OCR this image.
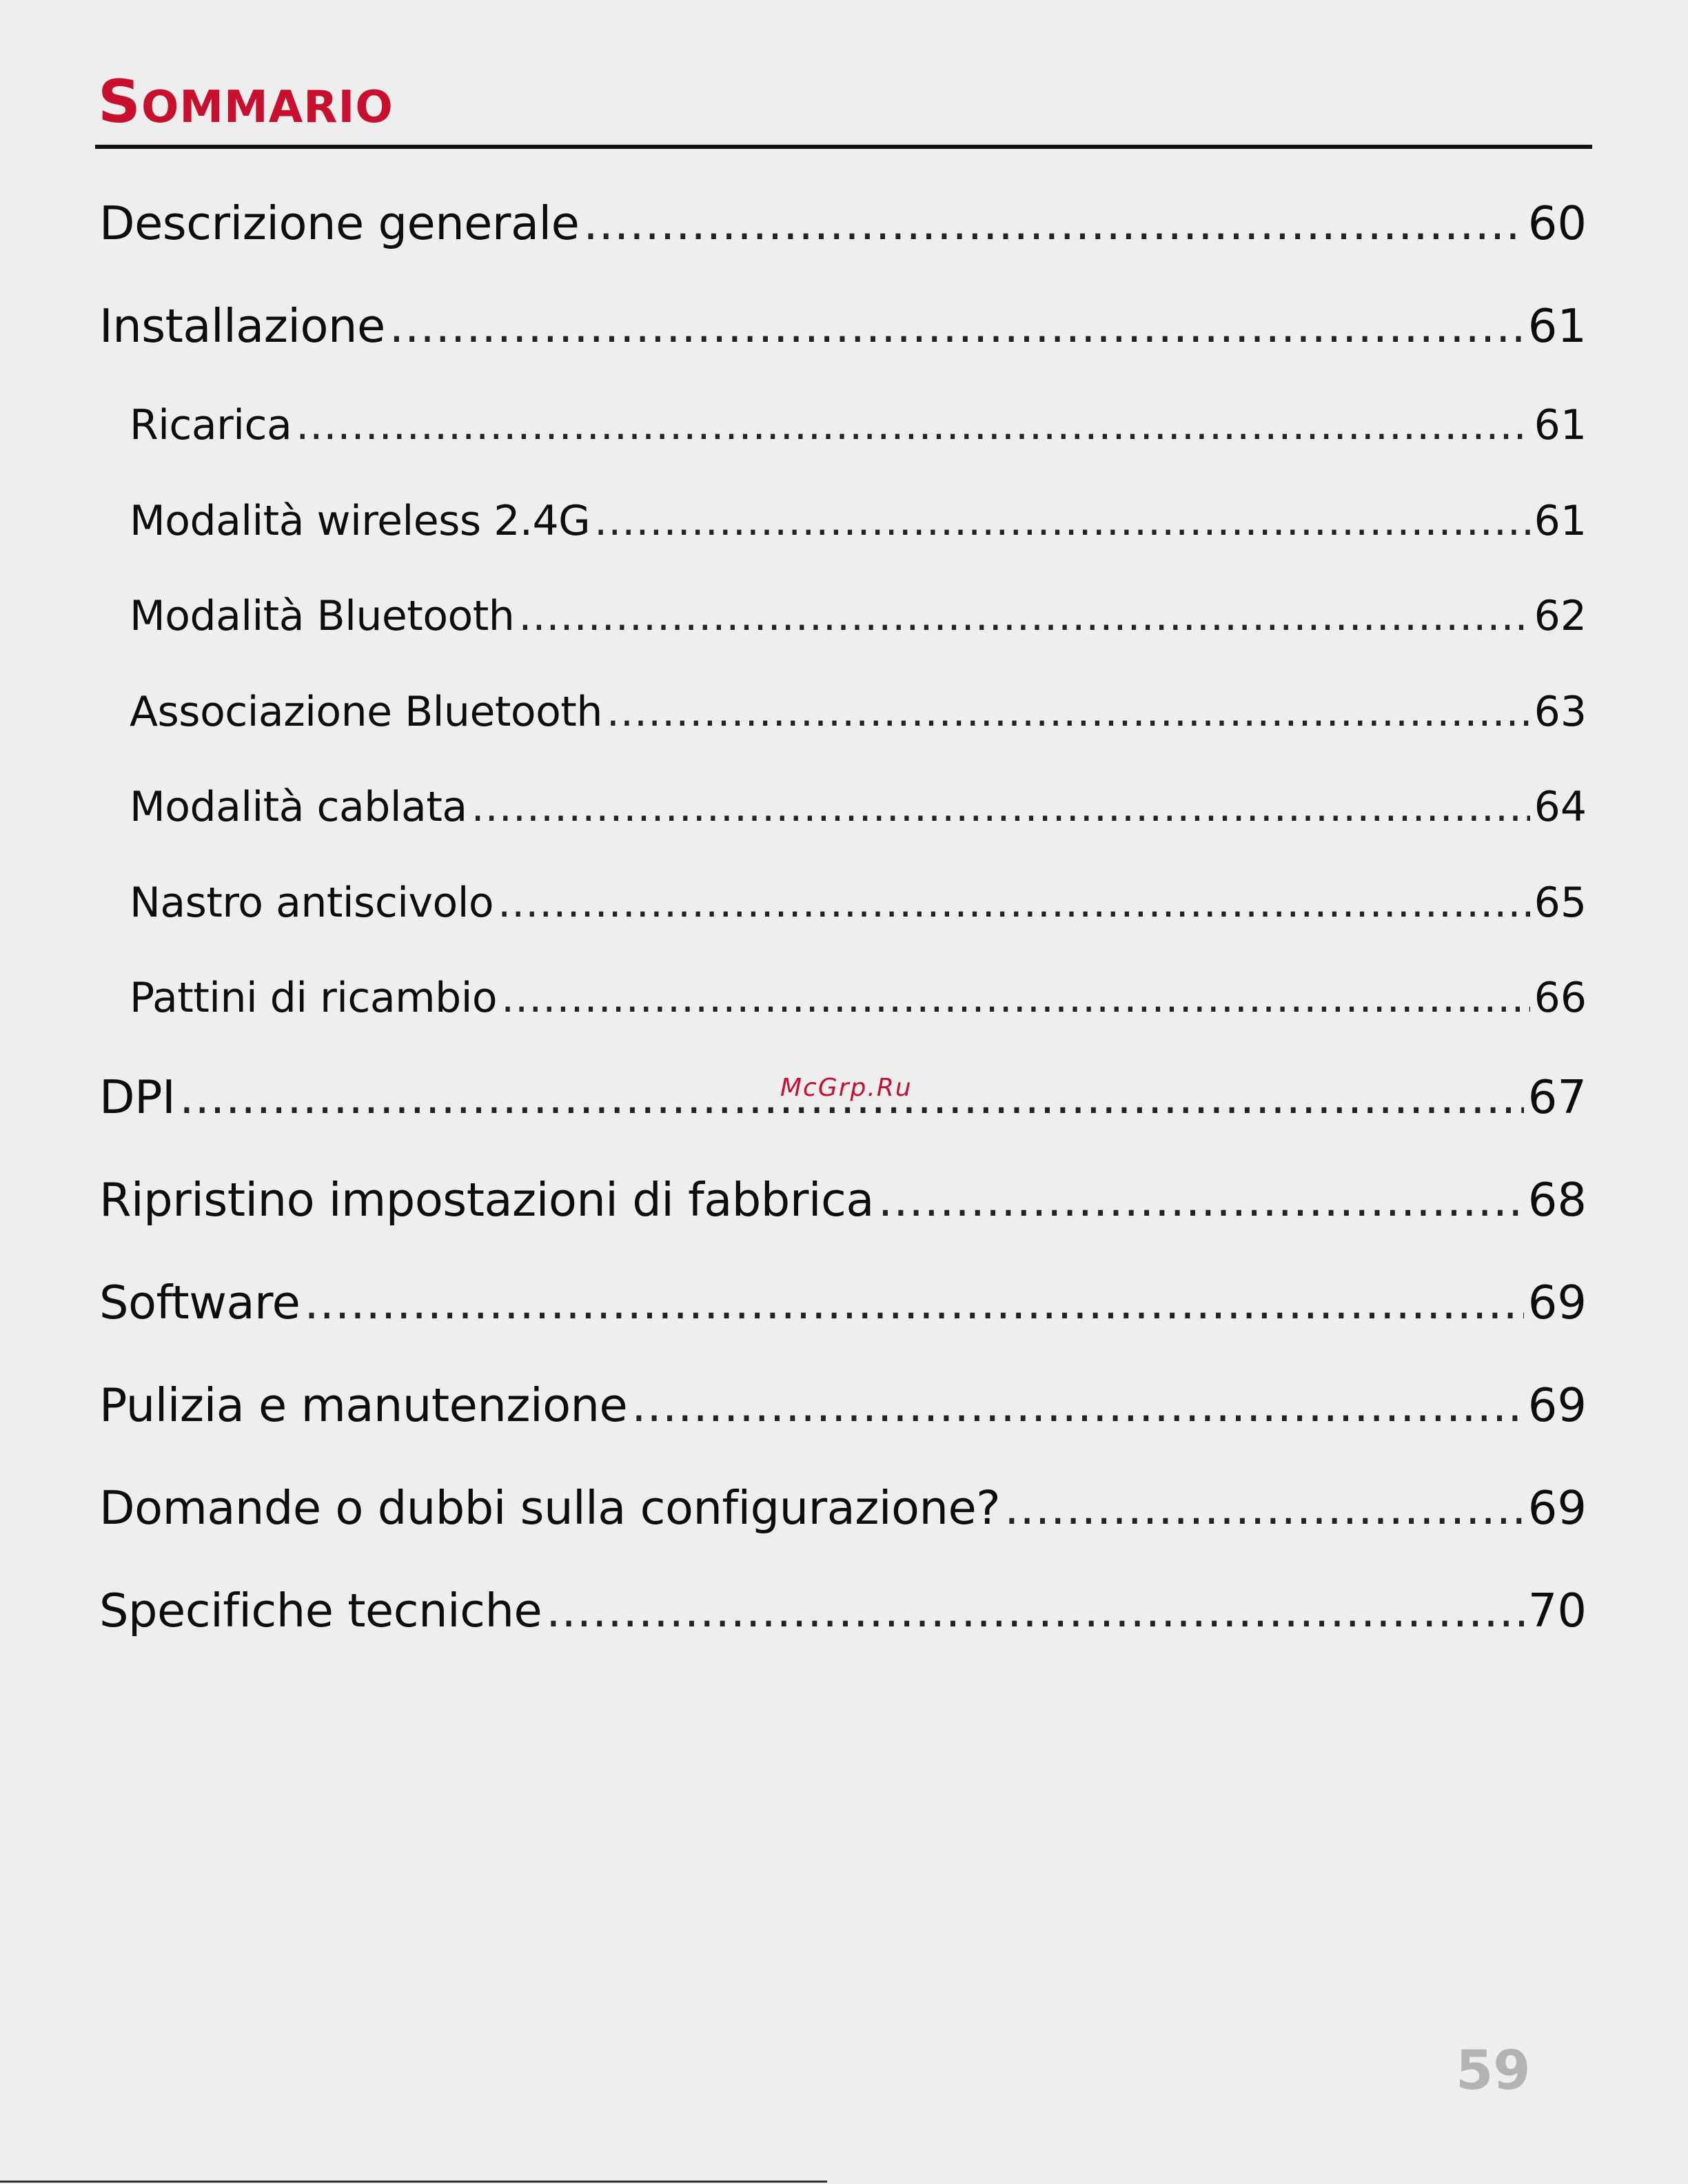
SOMMARIO
Descrizione generale .....	60
Installazione .....	61
Ricarica .....	61
Modalità wireless 2.4G .....	61
Modalità Bluetooth .....	62
Associazione Bluetooth .....	63
Modalità cablata .....	64
Nastro antiscivolo .....	65
Pattini di ricambio .....	66
DPI .....	67
Ripristino impostazioni di fabbrica .....	68
Software .....	69
Pulizia e manutenzione .....	69
Domande o dubbi sulla configurazione? .....	69
Specifiche tecniche .....	70
McGrp.Ru
59
